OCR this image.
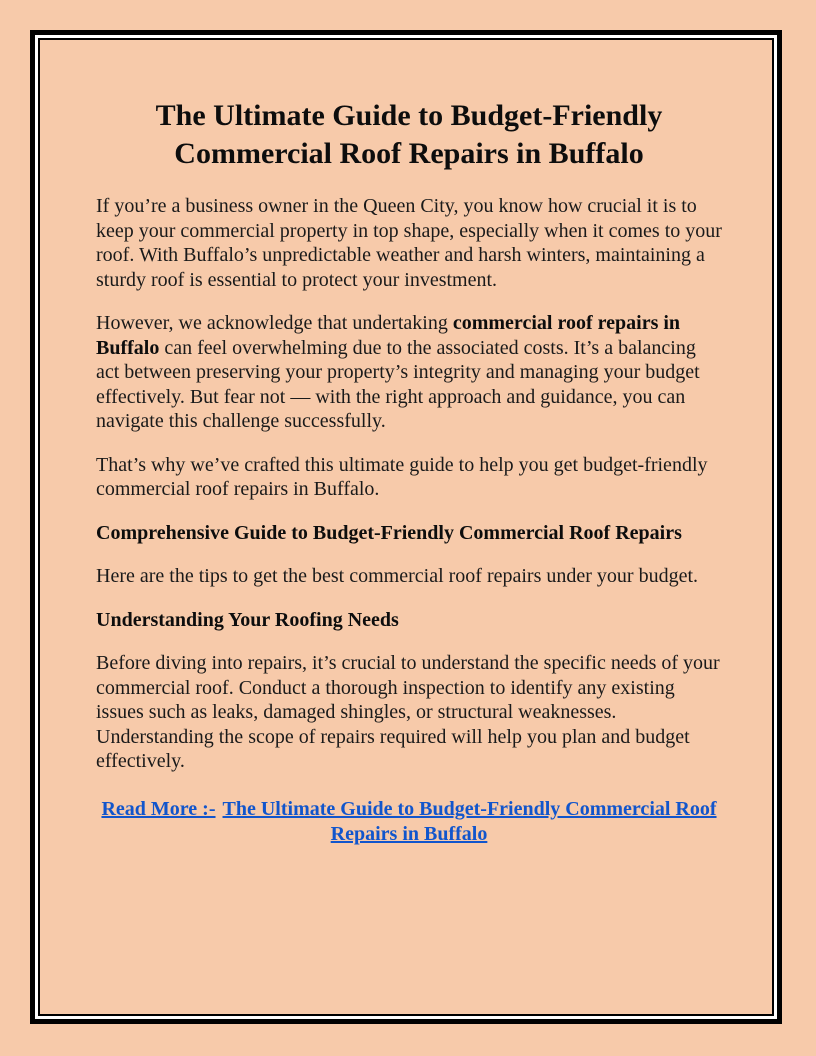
The Ultimate Guide to Budget-Friendly Commercial Roof Repairs in Buffalo

If you’re a business owner in the Queen City, you know how crucial it is to keep your commercial property in top shape, especially when it comes to your roof. With Buffalo’s unpredictable weather and harsh winters, maintaining a sturdy roof is essential to protect your investment.

However, we acknowledge that undertaking commercial roof repairs in Buffalo can feel overwhelming due to the associated costs. It’s a balancing act between preserving your property’s integrity and managing your budget effectively. But fear not — with the right approach and guidance, you can navigate this challenge successfully.

That’s why we’ve crafted this ultimate guide to help you get budget-friendly commercial roof repairs in Buffalo.

Comprehensive Guide to Budget-Friendly Commercial Roof Repairs

Here are the tips to get the best commercial roof repairs under your budget.

Understanding Your Roofing Needs

Before diving into repairs, it’s crucial to understand the specific needs of your commercial roof. Conduct a thorough inspection to identify any existing issues such as leaks, damaged shingles, or structural weaknesses. Understanding the scope of repairs required will help you plan and budget effectively.

Read More :- The Ultimate Guide to Budget-Friendly Commercial Roof Repairs in Buffalo
